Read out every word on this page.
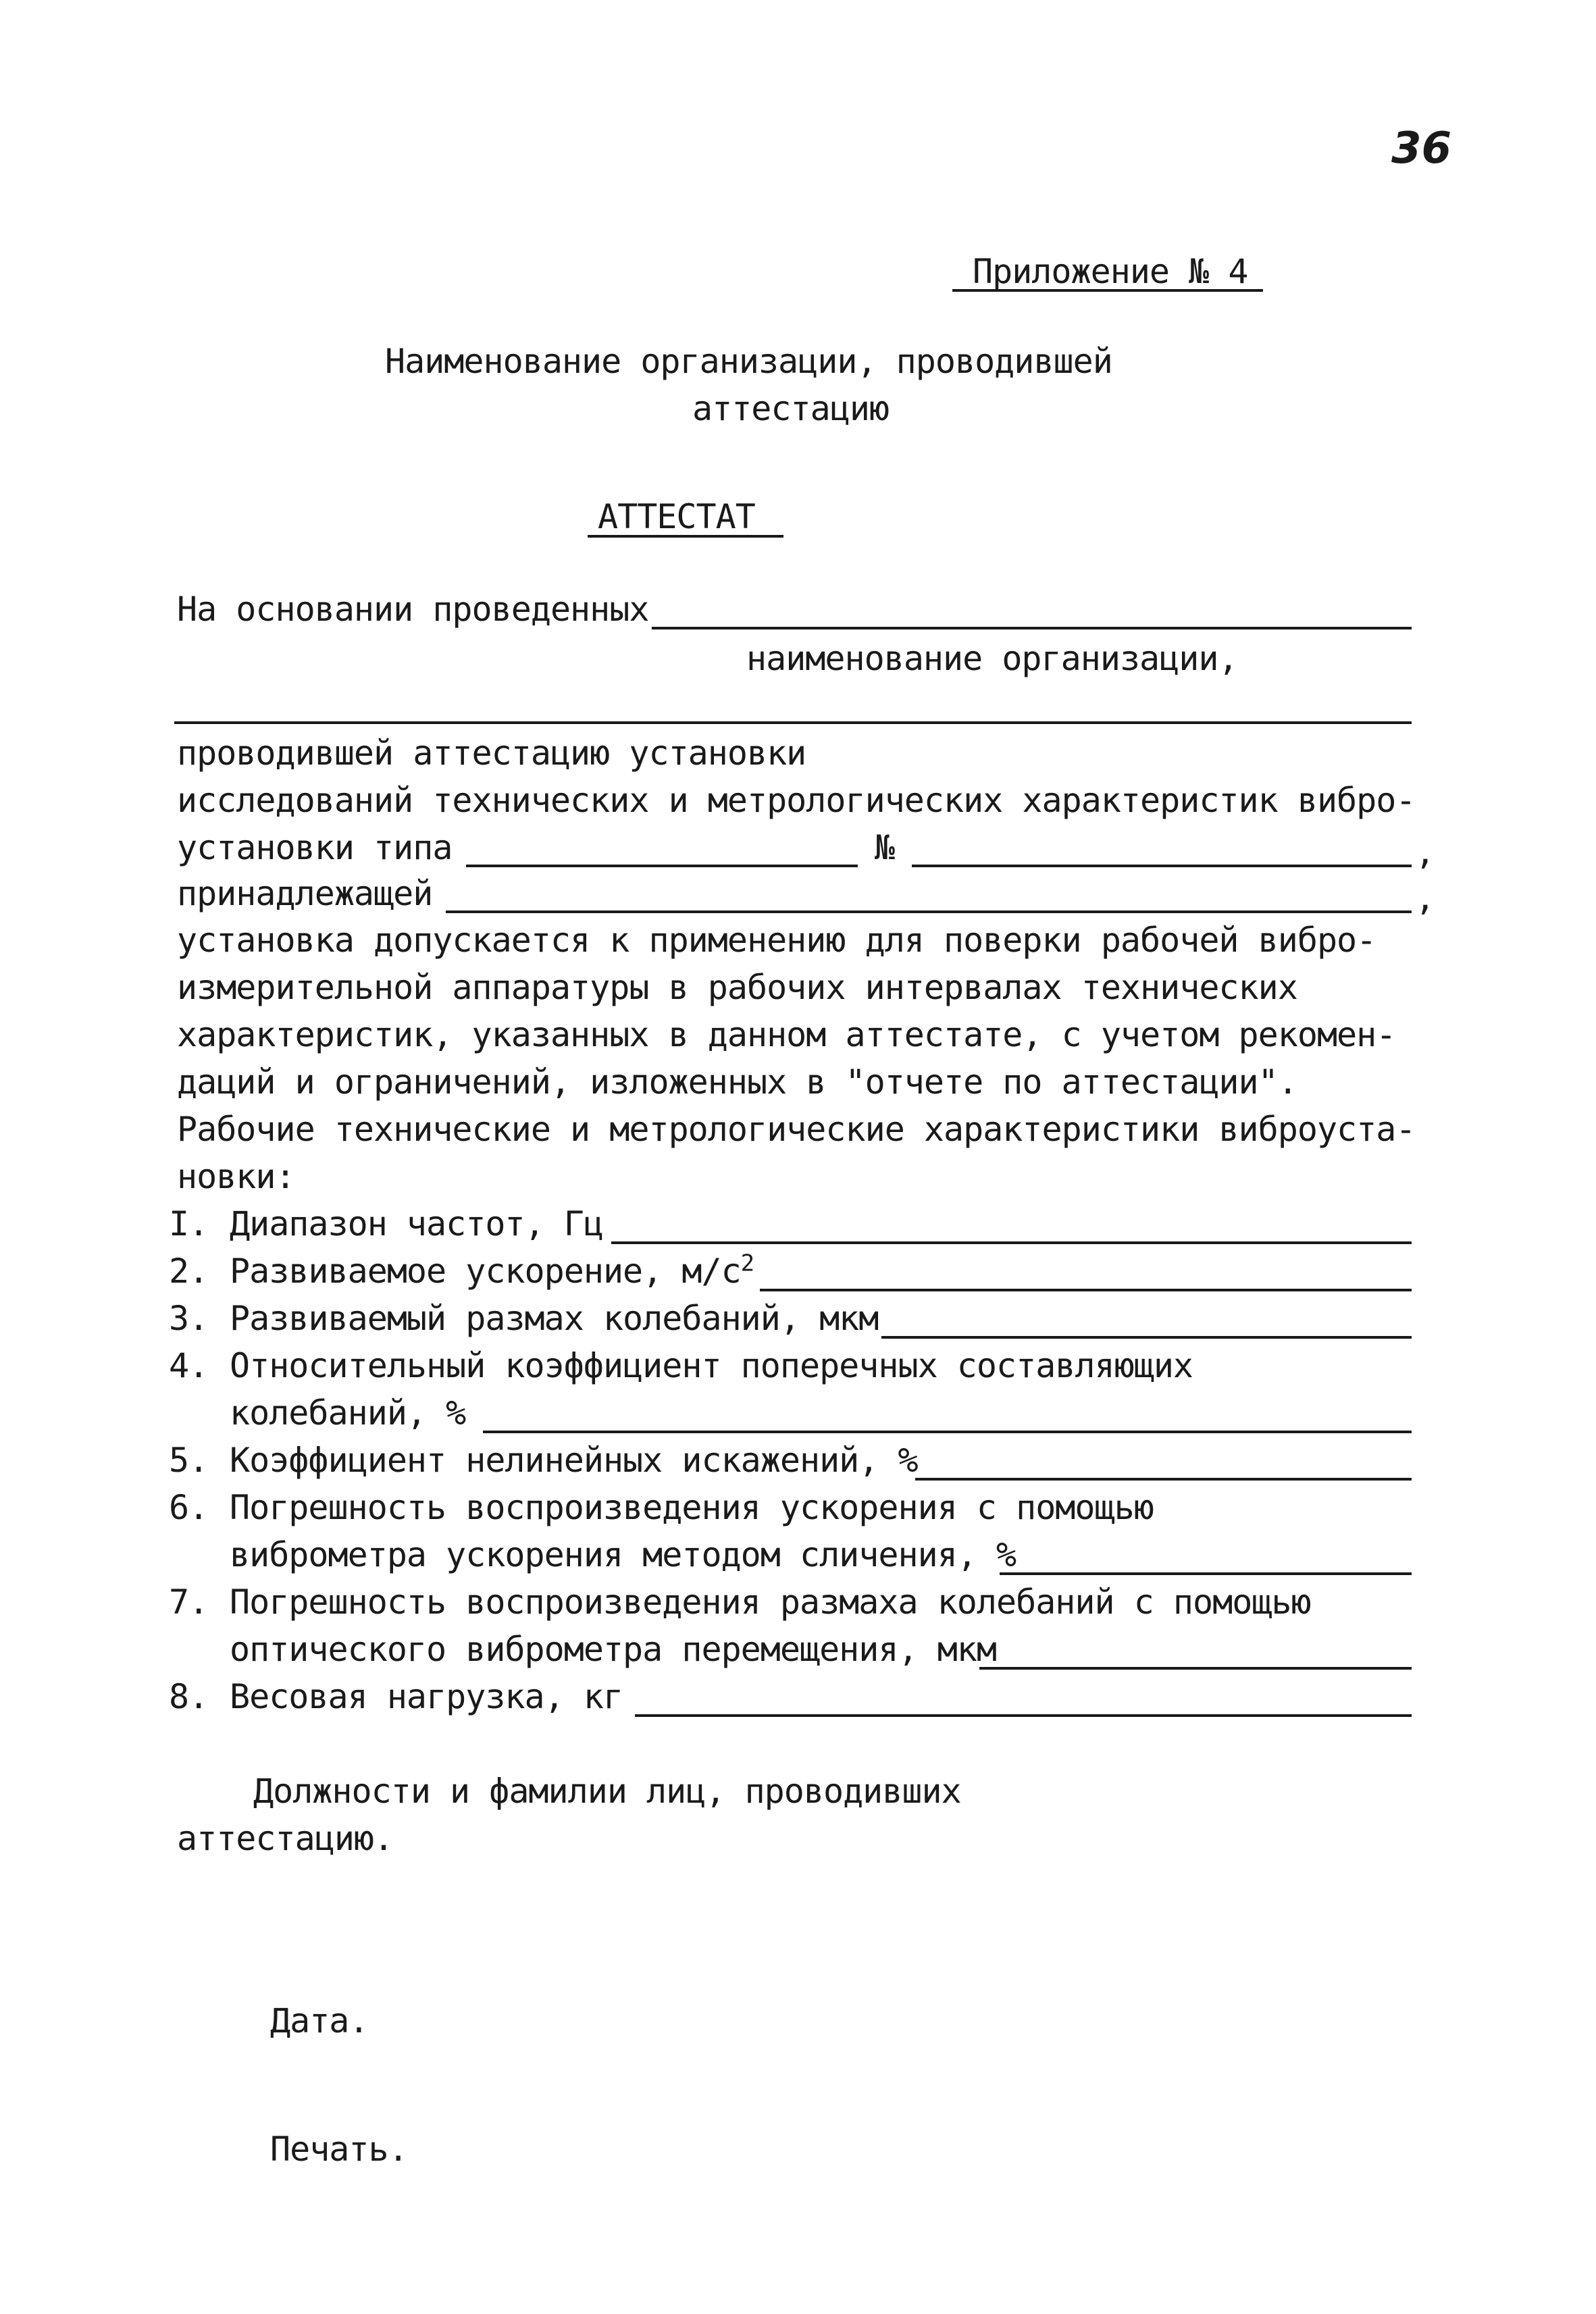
36
Приложение № 4
Наименование организации, проводившей
аттестацию
АТТЕСТАТ
На основании проведенных
наименование организации,
проводившей аттестацию установки
исследований технических и метрологических характеристик вибро-
установки типа	№	,
принадлежащей	,
установка допускается к применению для поверки рабочей вибро-
измерительной аппаратуры в рабочих интервалах технических
характеристик, указанных в данном аттестате, с учетом рекомен-
даций и ограничений, изложенных в "отчете по аттестации".
Рабочие технические и метрологические характеристики виброуста-
новки:
I. Диапазон частот, Гц
2. Развиваемое ускорение, $м/с^2$
3. Развиваемый размах колебаний, мкм
4. Относительный коэффициент поперечных составляющих
колебаний, %
5. Коэффициент нелинейных искажений, %
6. Погрешность воспроизведения ускорения с помощью
виброметра ускорения методом сличения, %
7. Погрешность воспроизведения размаха колебаний с помощью
оптического виброметра перемещения, мкм
8. Весовая нагрузка, кг
Должности и фамилии лиц, проводивших
аттестацию.
Дата.
Печать.
